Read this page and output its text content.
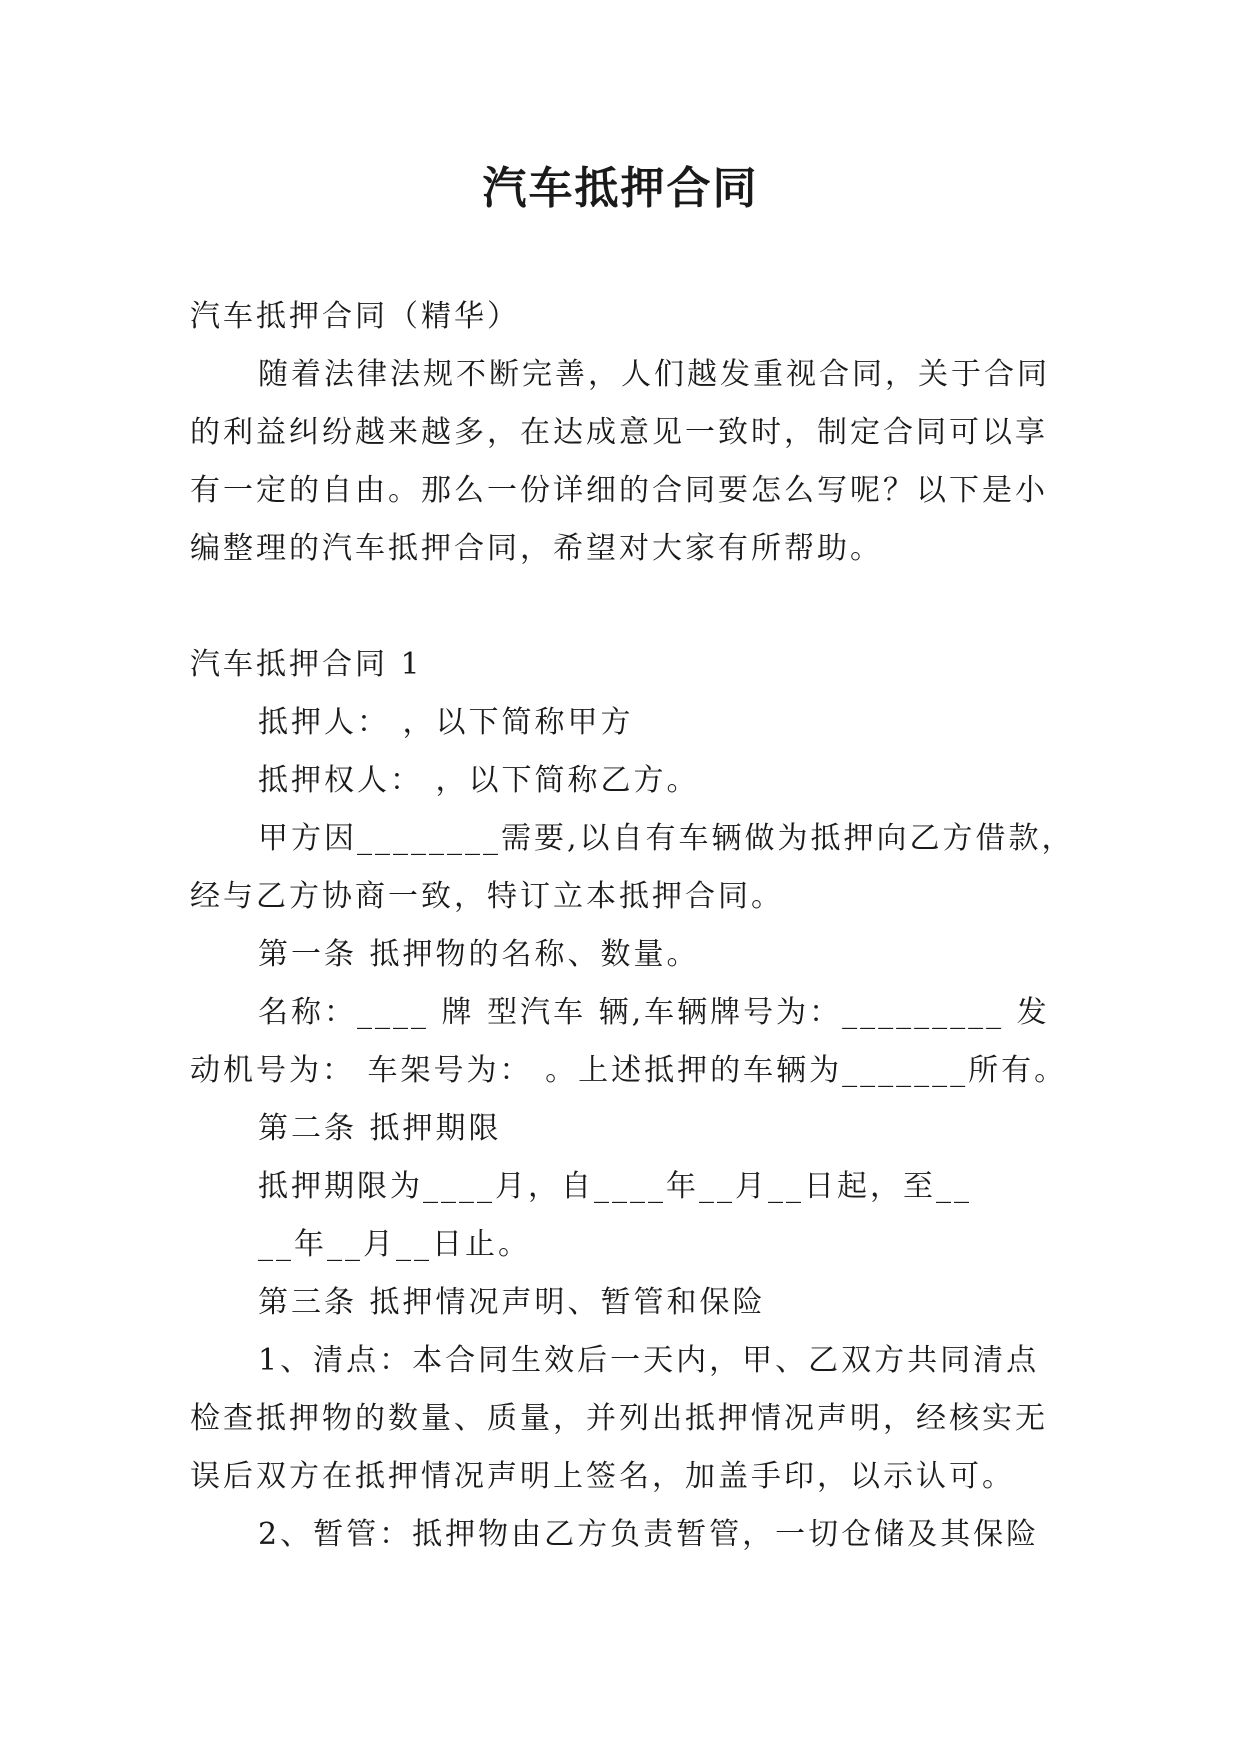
汽车抵押合同

汽车抵押合同（精华）

随着法律法规不断完善，人们越发重视合同，关于合同

的利益纠纷越来越多，在达成意见一致时，制定合同可以享

有一定的自由。那么一份详细的合同要怎么写呢？以下是小

编整理的汽车抵押合同，希望对大家有所帮助。

汽车抵押合同 1

抵押人： ，以下简称甲方

抵押权人： ，以下简称乙方。

甲方因________需要,以自有车辆做为抵押向乙方借款，

经与乙方协商一致，特订立本抵押合同。

第一条 抵押物的名称、数量。

名称：____ 牌 型汽车 辆,车辆牌号为：_________ 发

动机号为： 车架号为： 。上述抵押的车辆为_______所有。

第二条 抵押期限

抵押期限为____月，自____年__月__日起，至__

__年__月__日止。

第三条 抵押情况声明、暂管和保险

1、清点：本合同生效后一天内，甲、乙双方共同清点

检查抵押物的数量、质量，并列出抵押情况声明，经核实无

误后双方在抵押情况声明上签名，加盖手印，以示认可。

2、暂管：抵押物由乙方负责暂管，一切仓储及其保险
